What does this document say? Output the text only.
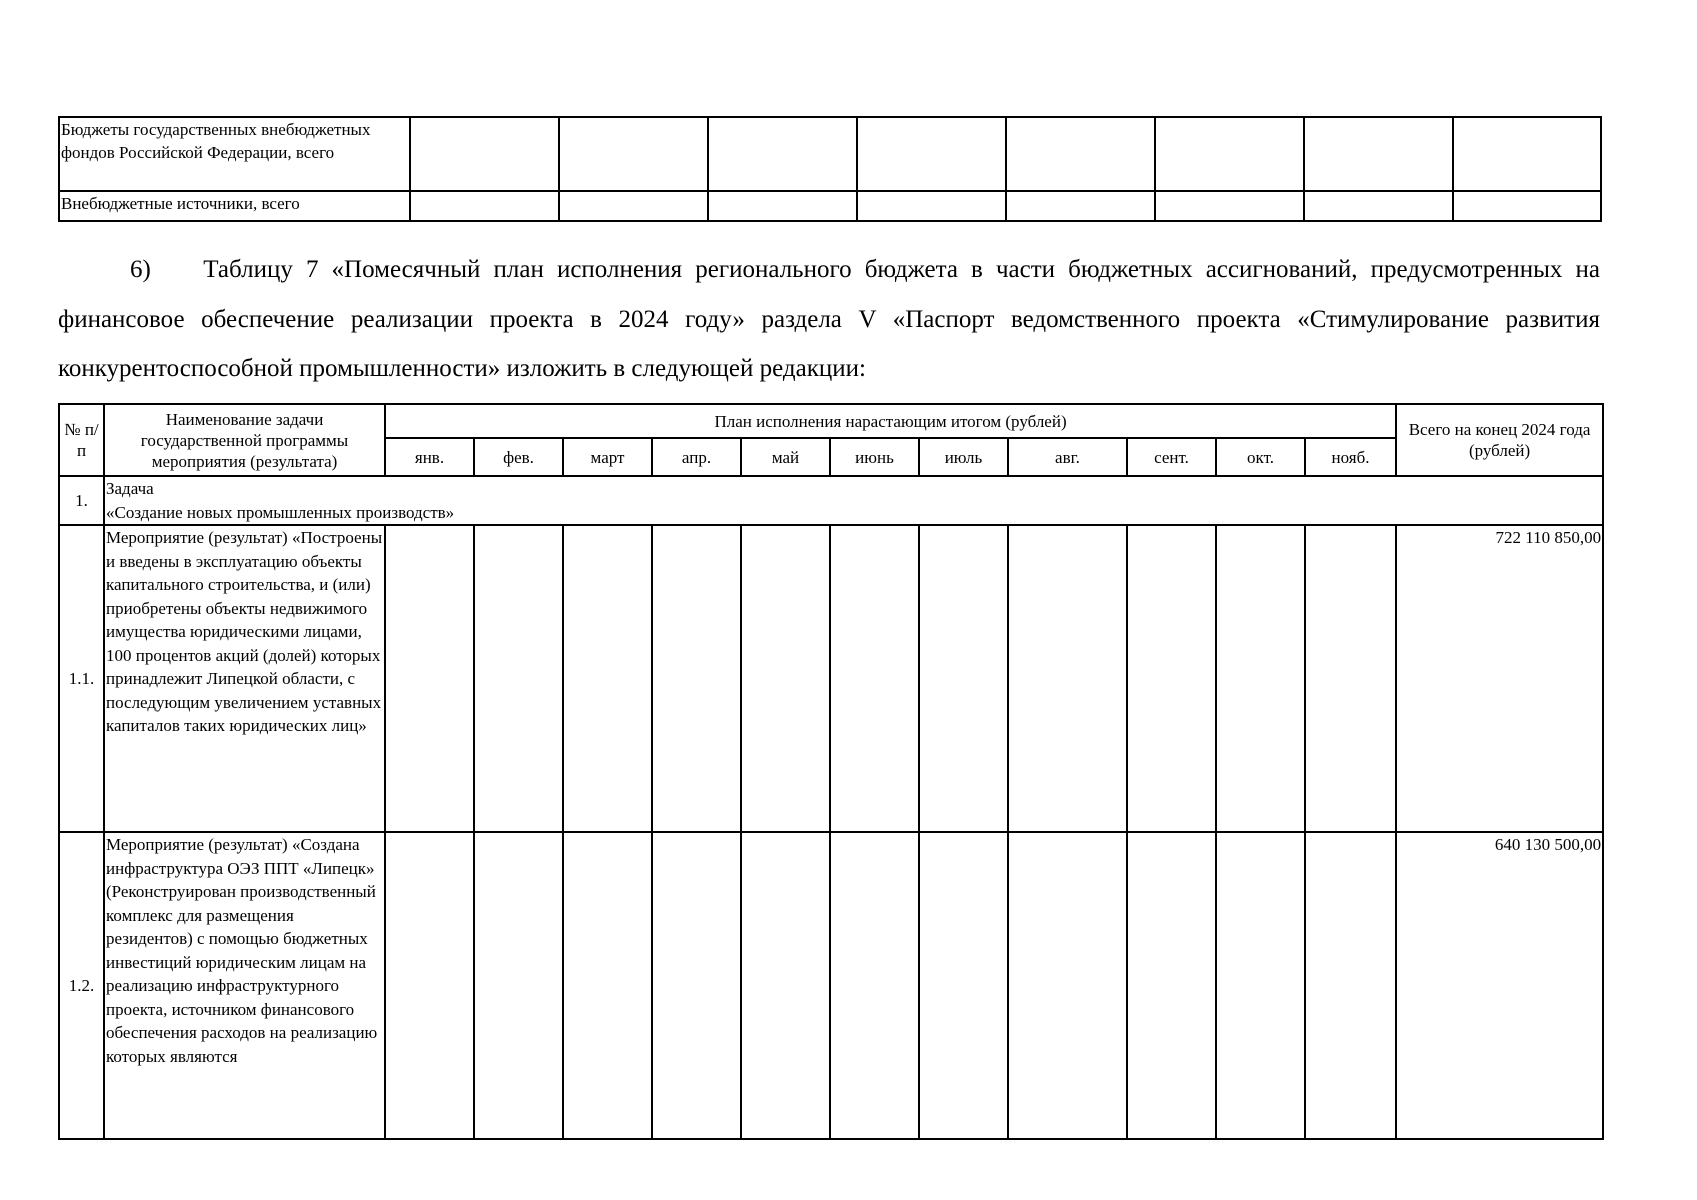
Бюджеты государственных внебюджетных фондов Российской Федерации, всего								
Внебюджетные источники, всего								

6) Таблицу 7 «Помесячный план исполнения регионального бюджета в части бюджетных ассигнований, предусмотренных на финансовое обеспечение реализации проекта в 2024 году» раздела V «Паспорт ведомственного проекта «Стимулирование развития конкурентоспособной промышленности» изложить в следующей редакции:

№ п/п	Наименование задачи государственной программы мероприятия (результата)	План исполнения нарастающим итогом (рублей)											Всего на конец 2024 года (рублей)
		янв.	фев.	март	апр.	май	июнь	июль	авг.	сент.	окт.	нояб.	
1.	Задача
«Создание новых промышленных производств»												
1.1.	Мероприятие (результат) «Построены и введены в эксплуатацию объекты капитального строительства, и (или) приобретены объекты недвижимого имущества юридическими лицами, 100 процентов акций (долей) которых принадлежит Липецкой области, с последующим увеличением уставных капиталов таких юридических лиц»												722 110 850,00
1.2.	Мероприятие (результат) «Создана инфраструктура ОЭЗ ППТ «Липецк» (Реконструирован производственный комплекс для размещения резидентов) с помощью бюджетных инвестиций юридическим лицам на реализацию инфраструктурного проекта, источником финансового обеспечения расходов на реализацию которых являются												640 130 500,00
